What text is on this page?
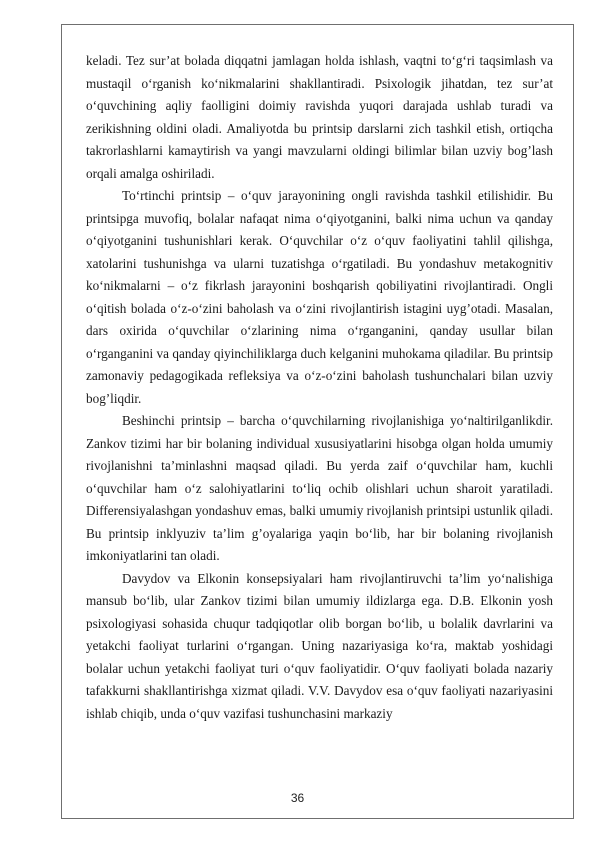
keladi. Tez sur’at bolada diqqatni jamlagan holda ishlash, vaqtni to‘g‘ri taqsimlash va mustaqil o‘rganish ko‘nikmalarini shakllantiradi. Psixologik jihatdan, tez sur’at o‘quvchining aqliy faolligini doimiy ravishda yuqori darajada ushlab turadi va zerikishning oldini oladi. Amaliyotda bu printsip darslarni zich tashkil etish, ortiqcha takrorlashlarni kamaytirish va yangi mavzularni oldingi bilimlar bilan uzviy bog’lash orqali amalga oshiriladi.

To‘rtinchi printsip – o‘quv jarayonining ongli ravishda tashkil etilishidir. Bu printsipga muvofiq, bolalar nafaqat nima o‘qiyotganini, balki nima uchun va qanday o‘qiyotganini tushunishlari kerak. O‘quvchilar o‘z o‘quv faoliyatini tahlil qilishga, xatolarini tushunishga va ularni tuzatishga o‘rgatiladi. Bu yondashuv metakognitiv ko‘nikmalarni – o‘z fikrlash jarayonini boshqarish qobiliyatini rivojlantiradi. Ongli o‘qitish bolada o‘z-o‘zini baholash va o‘zini rivojlantirish istagini uyg’otadi. Masalan, dars oxirida o‘quvchilar o‘zlarining nima o‘rganganini, qanday usullar bilan o‘rganganini va qanday qiyinchiliklarga duch kelganini muhokama qiladilar. Bu printsip zamonaviy pedagogikada refleksiya va o‘z-o‘zini baholash tushunchalari bilan uzviy bog’liqdir.

Beshinchi printsip – barcha o‘quvchilarning rivojlanishiga yo‘naltirilganlikdir. Zankov tizimi har bir bolaning individual xususiyatlarini hisobga olgan holda umumiy rivojlanishni ta’minlashni maqsad qiladi. Bu yerda zaif o‘quvchilar ham, kuchli o‘quvchilar ham o‘z salohiyatlarini to‘liq ochib olishlari uchun sharoit yaratiladi. Differensiyalashgan yondashuv emas, balki umumiy rivojlanish printsipi ustunlik qiladi. Bu printsip inklyuziv ta’lim g’oyalariga yaqin bo‘lib, har bir bolaning rivojlanish imkoniyatlarini tan oladi.

Davydov va Elkonin konsepsiyalari ham rivojlantiruvchi ta’lim yo‘nalishiga mansub bo‘lib, ular Zankov tizimi bilan umumiy ildizlarga ega. D.B. Elkonin yosh psixologiyasi sohasida chuqur tadqiqotlar olib borgan bo‘lib, u bolalik davrlarini va yetakchi faoliyat turlarini o‘rgangan. Uning nazariyasiga ko‘ra, maktab yoshidagi bolalar uchun yetakchi faoliyat turi o‘quv faoliyatidir. O‘quv faoliyati bolada nazariy tafakkurni shakllantirishga xizmat qiladi. V.V. Davydov esa o‘quv faoliyati nazariyasini ishlab chiqib, unda o‘quv vazifasi tushunchasini markaziy

36
